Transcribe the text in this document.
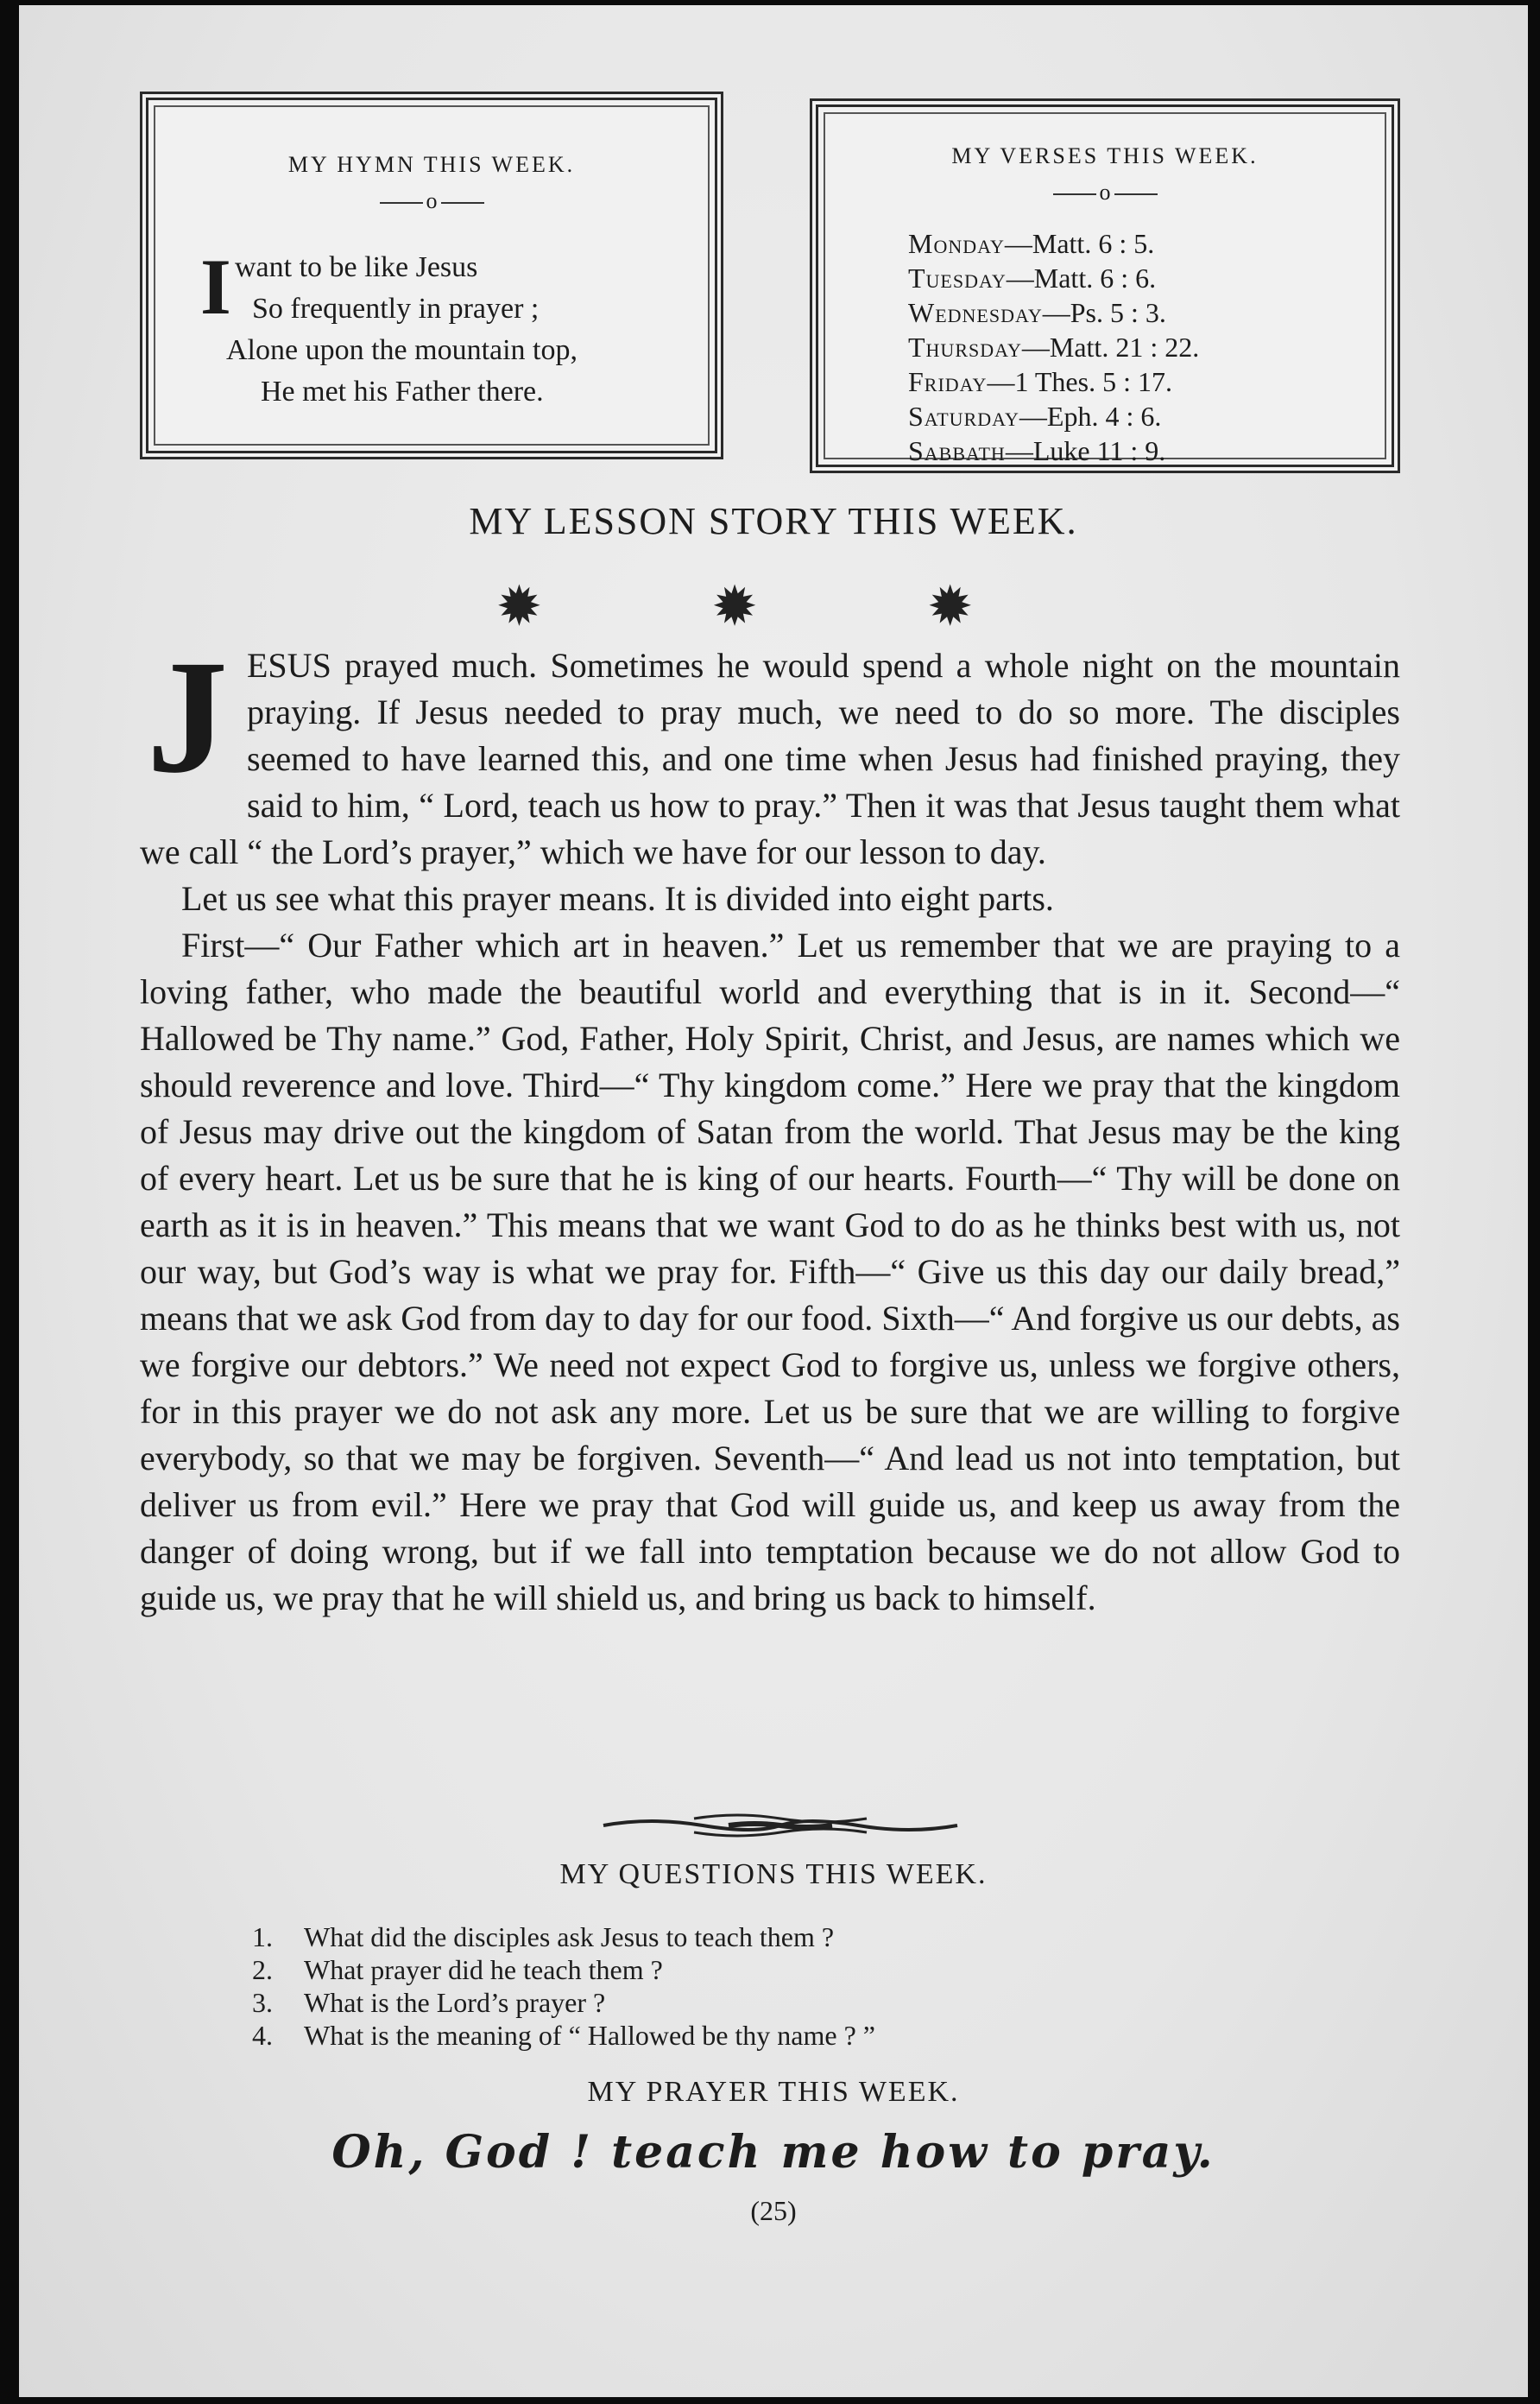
MY HYMN THIS WEEK.
o
I want to be like Jesus
So frequently in prayer ;
Alone upon the mountain top,
He met his Father there.
MY VERSES THIS WEEK.
o
Monday—Matt. 6 : 5.
Tuesday—Matt. 6 : 6.
Wednesday—Ps. 5 : 3.
Thursday—Matt. 21 : 22.
Friday—1 Thes. 5 : 17.
Saturday—Eph. 4 : 6.
Sabbath—Luke 11 : 9.
MY LESSON STORY THIS WEEK.
✹ ✹ ✹

JESUS prayed much. Sometimes he would spend a whole night on the mountain praying. If Jesus needed to pray much, we need to do so more. The disciples seemed to have learned this, and one time when Jesus had finished praying, they said to him, “ Lord, teach us how to pray.” Then it was that Jesus taught them what we call “ the Lord’s prayer,” which we have for our lesson to day.

Let us see what this prayer means. It is divided into eight parts.

First—“ Our Father which art in heaven.” Let us remember that we are praying to a loving father, who made the beautiful world and everything that is in it. Second—“ Hallowed be Thy name.” God, Father, Holy Spirit, Christ, and Jesus, are names which we should reverence and love. Third—“ Thy kingdom come.” Here we pray that the kingdom of Jesus may drive out the kingdom of Satan from the world. That Jesus may be the king of every heart. Let us be sure that he is king of our hearts. Fourth—“ Thy will be done on earth as it is in heaven.” This means that we want God to do as he thinks best with us, not our way, but God’s way is what we pray for. Fifth—“ Give us this day our daily bread,” means that we ask God from day to day for our food. Sixth—“ And forgive us our debts, as we forgive our debtors.” We need not expect God to forgive us, unless we forgive others, for in this prayer we do not ask any more. Let us be sure that we are willing to forgive everybody, so that we may be forgiven. Seventh—“ And lead us not into temptation, but deliver us from evil.” Here we pray that God will guide us, and keep us away from the danger of doing wrong, but if we fall into temptation because we do not allow God to guide us, we pray that he will shield us, and bring us back to himself.

MY QUESTIONS THIS WEEK.
1. What did the disciples ask Jesus to teach them ?
2. What prayer did he teach them ?
3. What is the Lord’s prayer ?
4. What is the meaning of “ Hallowed be thy name ? ”
MY PRAYER THIS WEEK.
Oh, God ! teach me how to pray.
(25)
